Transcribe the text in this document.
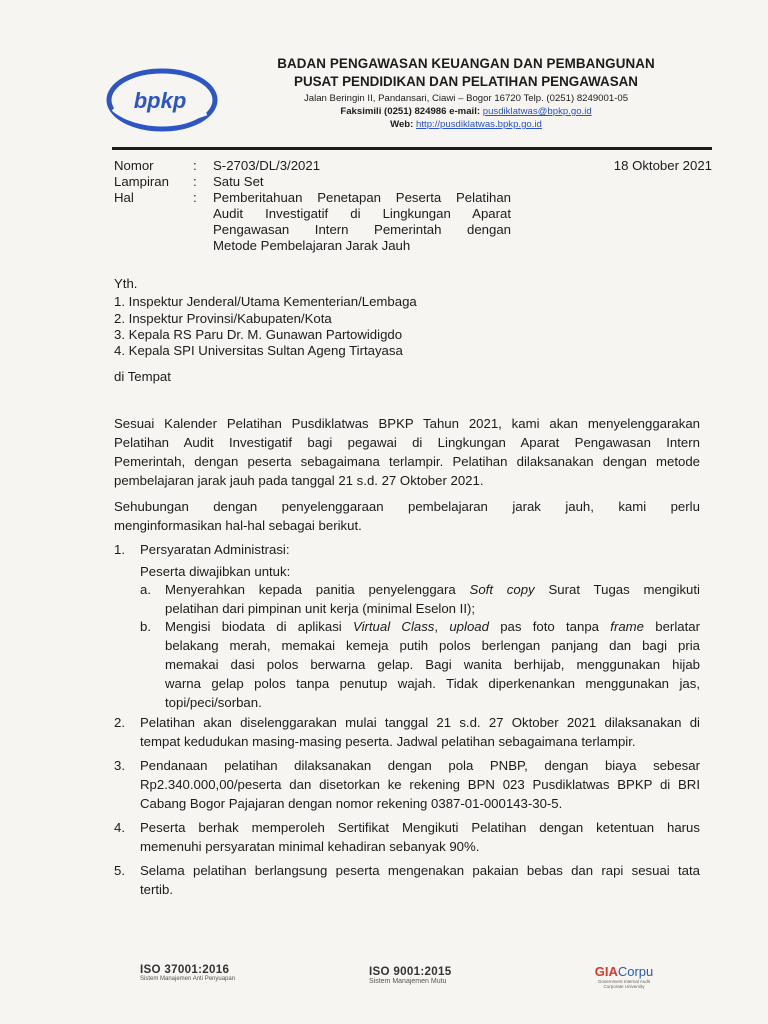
bpkp
BADAN PENGAWASAN KEUANGAN DAN PEMBANGUNAN
PUSAT PENDIDIKAN DAN PELATIHAN PENGAWASAN
Jalan Beringin II, Pandansari, Ciawi – Bogor 16720 Telp. (0251) 8249001-05
Faksimili (0251) 824986 e-mail: pusdiklatwas@bpkp.go.id
Web: http://pusdiklatwas.bpkp.go.id
Nomor	: S-2703/DL/3/2021
Lampiran : Satu Set
Hal	: Pemberitahuan Penetapan Peserta Pelatihan
Audit Investigatif di Lingkungan Aparat
Pengawasan Intern Pemerintah dengan
Metode Pembelajaran Jarak Jauh
18 Oktober 2021
Yth.
1. Inspektur Jenderal/Utama Kementerian/Lembaga
2. Inspektur Provinsi/Kabupaten/Kota
3. Kepala RS Paru Dr. M. Gunawan Partowidigdo
4. Kepala SPI Universitas Sultan Ageng Tirtayasa
di Tempat
Sesuai Kalender Pelatihan Pusdiklatwas BPKP Tahun 2021, kami akan menyelenggarakan
Pelatihan Audit Investigatif bagi pegawai di Lingkungan Aparat Pengawasan Intern
Pemerintah, dengan peserta sebagaimana terlampir. Pelatihan dilaksanakan dengan metode
pembelajaran jarak jauh pada tanggal 21 s.d. 27 Oktober 2021.
Sehubungan dengan penyelenggaraan pembelajaran jarak jauh, kami perlu
menginformasikan hal-hal sebagai berikut.
1. Persyaratan Administrasi:
Peserta diwajibkan untuk:
a. Menyerahkan kepada panitia penyelenggara Soft copy Surat Tugas mengikuti
pelatihan dari pimpinan unit kerja (minimal Eselon II);
b. Mengisi biodata di aplikasi Virtual Class, upload pas foto tanpa frame berlatar
belakang merah, memakai kemeja putih polos berlengan panjang dan bagi pria
memakai dasi polos berwarna gelap. Bagi wanita berhijab, menggunakan hijab
warna gelap polos tanpa penutup wajah. Tidak diperkenankan menggunakan jas,
topi/peci/sorban.
2. Pelatihan akan diselenggarakan mulai tanggal 21 s.d. 27 Oktober 2021 dilaksanakan di
tempat kedudukan masing-masing peserta. Jadwal pelatihan sebagaimana terlampir.
3. Pendanaan pelatihan dilaksanakan dengan pola PNBP, dengan biaya sebesar
Rp2.340.000,00/peserta dan disetorkan ke rekening BPN 023 Pusdiklatwas BPKP di BRI
Cabang Bogor Pajajaran dengan nomor rekening 0387-01-000143-30-5.
4. Peserta berhak memperoleh Sertifikat Mengikuti Pelatihan dengan ketentuan harus
memenuhi persyaratan minimal kehadiran sebanyak 90%.
5. Selama pelatihan berlangsung peserta mengenakan pakaian bebas dan rapi sesuai tata
tertib.
ISO 37001:2016
Sistem Manajemen Anti Penyuapan
ISO 9001:2015
Sistem Manajemen Mutu
GIACorpu
Government Internal Audit
Corporate University
